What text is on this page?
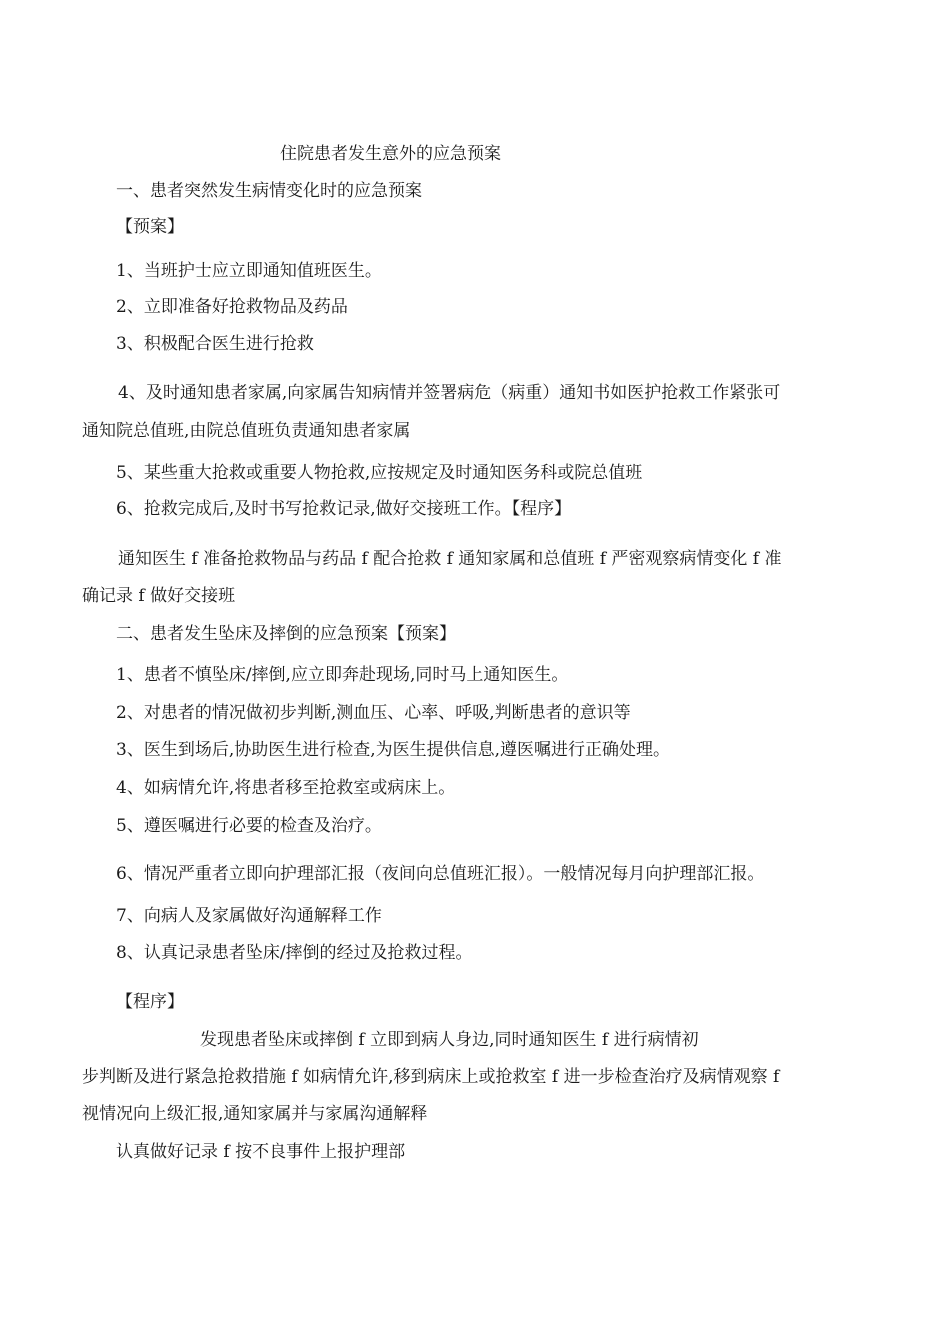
住院患者发生意外的应急预案
一、患者突然发生病情变化时的应急预案
【预案】
1、当班护士应立即通知值班医生。
2、立即准备好抢救物品及药品
3、积极配合医生进行抢救
4、及时通知患者家属,向家属告知病情并签署病危（病重）通知书如医护抢救工作紧张可
通知院总值班,由院总值班负责通知患者家属
5、某些重大抢救或重要人物抢救,应按规定及时通知医务科或院总值班
6、抢救完成后,及时书写抢救记录,做好交接班工作。【程序】
通知医生 f 准备抢救物品与药品 f 配合抢救 f 通知家属和总值班 f 严密观察病情变化 f 准
确记录 f 做好交接班
二、患者发生坠床及摔倒的应急预案【预案】
1、患者不慎坠床/摔倒,应立即奔赴现场,同时马上通知医生。
2、对患者的情况做初步判断,测血压、心率、呼吸,判断患者的意识等
3、医生到场后,协助医生进行检查,为医生提供信息,遵医嘱进行正确处理。
4、如病情允许,将患者移至抢救室或病床上。
5、遵医嘱进行必要的检查及治疗。
6、情况严重者立即向护理部汇报（夜间向总值班汇报）。一般情况每月向护理部汇报。
7、向病人及家属做好沟通解释工作
8、认真记录患者坠床/摔倒的经过及抢救过程。
【程序】
发现患者坠床或摔倒 f 立即到病人身边,同时通知医生 f 进行病情初
步判断及进行紧急抢救措施 f 如病情允许,移到病床上或抢救室 f 进一步检查治疗及病情观察 f
视情况向上级汇报,通知家属并与家属沟通解释
认真做好记录 f 按不良事件上报护理部
